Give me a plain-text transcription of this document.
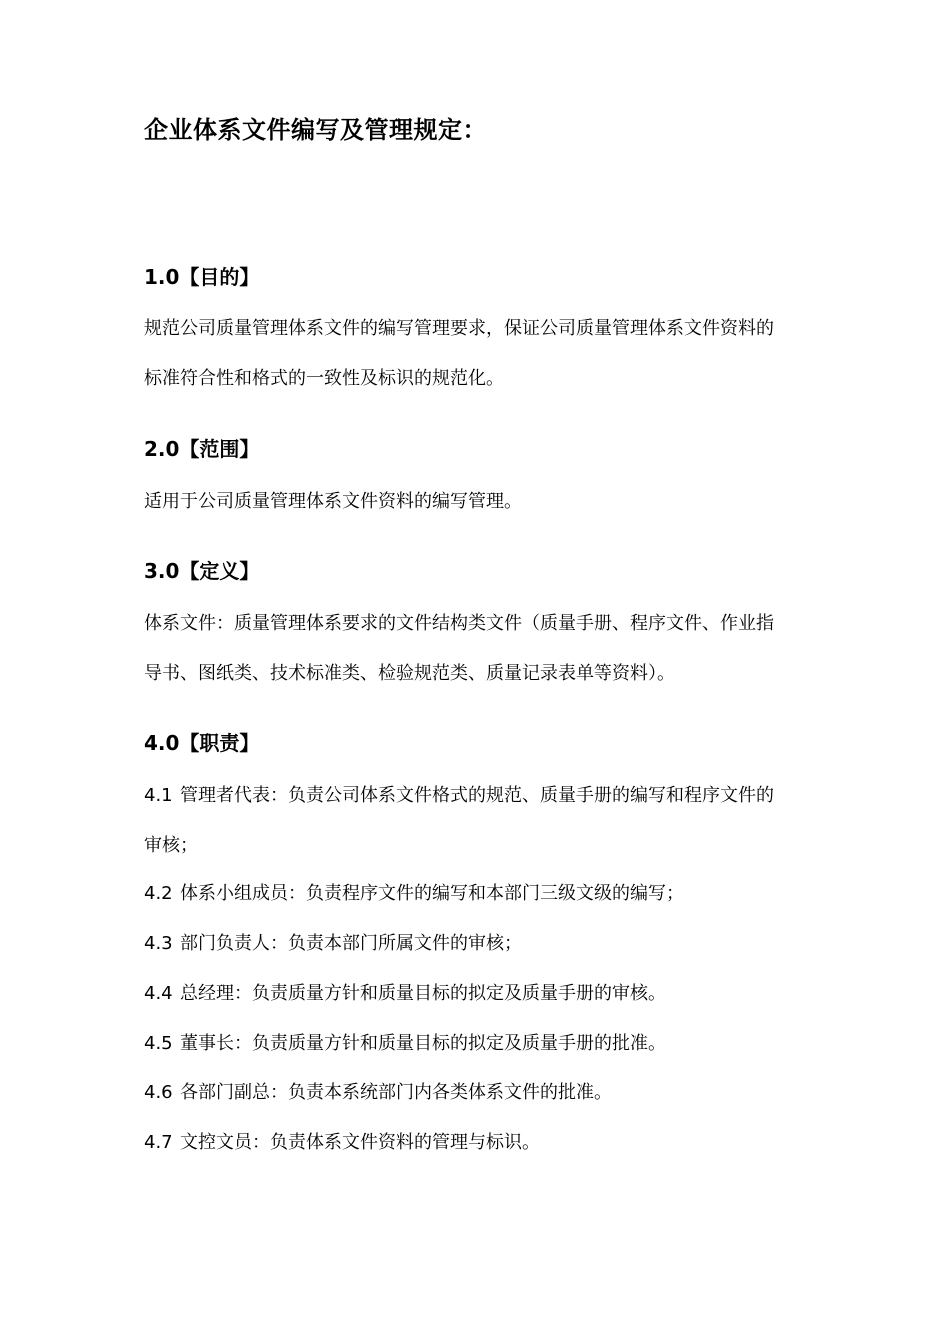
企业体系文件编写及管理规定：
1.0【目的】
规范公司质量管理体系文件的编写管理要求，保证公司质量管理体系文件资料的
标准符合性和格式的一致性及标识的规范化。
2.0【范围】
适用于公司质量管理体系文件资料的编写管理。
3.0【定义】
体系文件：质量管理体系要求的文件结构类文件（质量手册、程序文件、作业指
导书、图纸类、技术标准类、检验规范类、质量记录表单等资料）。
4.0【职责】
4.1 管理者代表：负责公司体系文件格式的规范、质量手册的编写和程序文件的
审核；
4.2 体系小组成员：负责程序文件的编写和本部门三级文级的编写；
4.3 部门负责人：负责本部门所属文件的审核；
4.4 总经理：负责质量方针和质量目标的拟定及质量手册的审核。
4.5 董事长：负责质量方针和质量目标的拟定及质量手册的批准。
4.6 各部门副总：负责本系统部门内各类体系文件的批准。
4.7 文控文员：负责体系文件资料的管理与标识。
